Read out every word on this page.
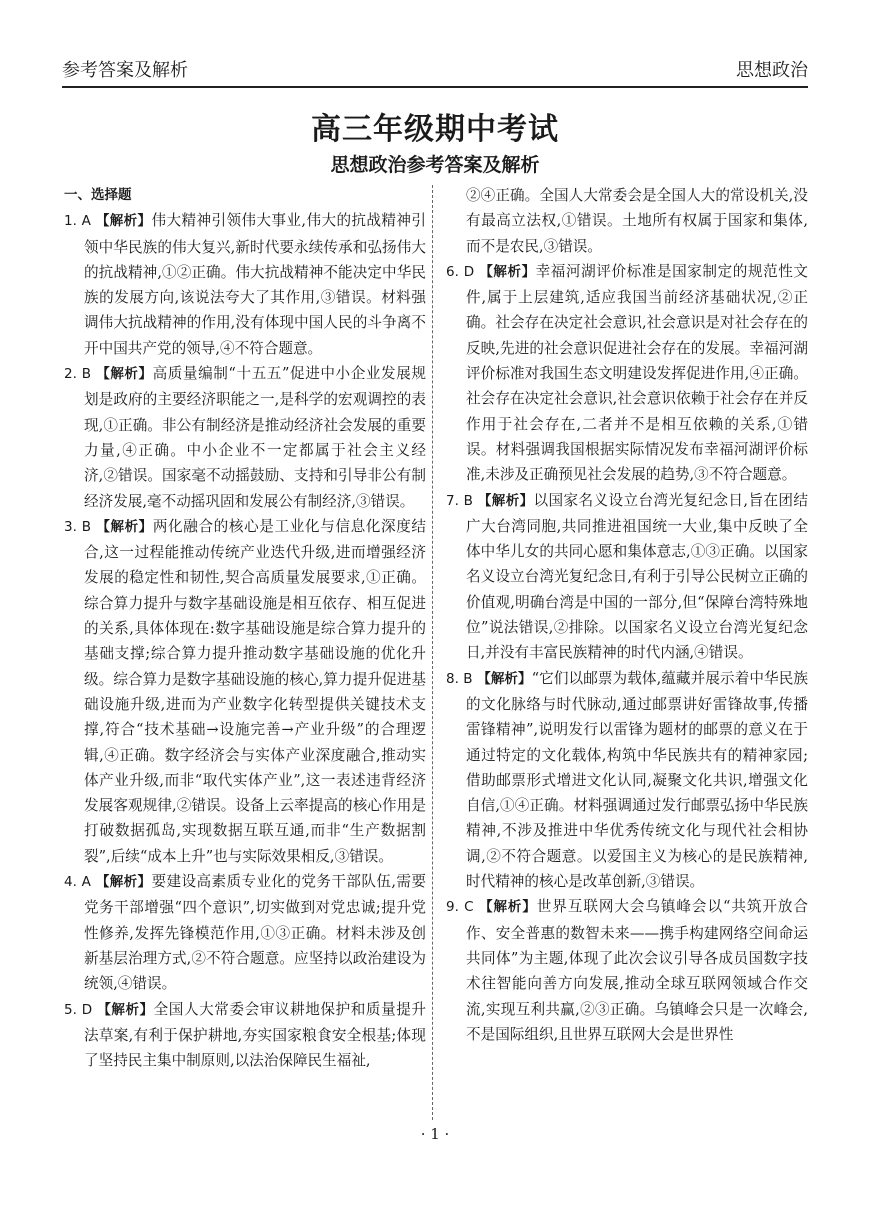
参考答案及解析	思想政治
高三年级期中考试
思想政治参考答案及解析
一、选择题

1. A 【解析】伟大精神引领伟大事业,伟大的抗战精神引领中华民族的伟大复兴,新时代要永续传承和弘扬伟大的抗战精神,①②正确。伟大抗战精神不能决定中华民族的发展方向,该说法夸大了其作用,③错误。材料强调伟大抗战精神的作用,没有体现中国人民的斗争离不开中国共产党的领导,④不符合题意。

2. B 【解析】高质量编制“十五五”促进中小企业发展规划是政府的主要经济职能之一,是科学的宏观调控的表现,①正确。非公有制经济是推动经济社会发展的重要力量,④正确。中小企业不一定都属于社会主义经济,②错误。国家毫不动摇鼓励、支持和引导非公有制经济发展,毫不动摇巩固和发展公有制经济,③错误。

3. B 【解析】两化融合的核心是工业化与信息化深度结合,这一过程能推动传统产业迭代升级,进而增强经济发展的稳定性和韧性,契合高质量发展要求,①正确。综合算力提升与数字基础设施是相互依存、相互促进的关系,具体体现在:数字基础设施是综合算力提升的基础支撑;综合算力提升推动数字基础设施的优化升级。综合算力是数字基础设施的核心,算力提升促进基础设施升级,进而为产业数字化转型提供关键技术支撑,符合“技术基础→设施完善→产业升级”的合理逻辑,④正确。数字经济会与实体产业深度融合,推动实体产业升级,而非“取代实体产业”,这一表述违背经济发展客观规律,②错误。设备上云率提高的核心作用是打破数据孤岛,实现数据互联互通,而非“生产数据割裂”,后续“成本上升”也与实际效果相反,③错误。

4. A 【解析】要建设高素质专业化的党务干部队伍,需要党务干部增强“四个意识”,切实做到对党忠诚;提升党性修养,发挥先锋模范作用,①③正确。材料未涉及创新基层治理方式,②不符合题意。应坚持以政治建设为统领,④错误。

5. D 【解析】全国人大常委会审议耕地保护和质量提升法草案,有利于保护耕地,夯实国家粮食安全根基;体现了坚持民主集中制原则,以法治保障民生福祉,

②④正确。全国人大常委会是全国人大的常设机关,没有最高立法权,①错误。土地所有权属于国家和集体,而不是农民,③错误。

6. D 【解析】幸福河湖评价标准是国家制定的规范性文件,属于上层建筑,适应我国当前经济基础状况,②正确。社会存在决定社会意识,社会意识是对社会存在的反映,先进的社会意识促进社会存在的发展。幸福河湖评价标准对我国生态文明建设发挥促进作用,④正确。社会存在决定社会意识,社会意识依赖于社会存在并反作用于社会存在,二者并不是相互依赖的关系,①错误。材料强调我国根据实际情况发布幸福河湖评价标准,未涉及正确预见社会发展的趋势,③不符合题意。

7. B 【解析】以国家名义设立台湾光复纪念日,旨在团结广大台湾同胞,共同推进祖国统一大业,集中反映了全体中华儿女的共同心愿和集体意志,①③正确。以国家名义设立台湾光复纪念日,有利于引导公民树立正确的价值观,明确台湾是中国的一部分,但“保障台湾特殊地位”说法错误,②排除。以国家名义设立台湾光复纪念日,并没有丰富民族精神的时代内涵,④错误。

8. B 【解析】“它们以邮票为载体,蕴藏并展示着中华民族的文化脉络与时代脉动,通过邮票讲好雷锋故事,传播雷锋精神”,说明发行以雷锋为题材的邮票的意义在于通过特定的文化载体,构筑中华民族共有的精神家园;借助邮票形式增进文化认同,凝聚文化共识,增强文化自信,①④正确。材料强调通过发行邮票弘扬中华民族精神,不涉及推进中华优秀传统文化与现代社会相协调,②不符合题意。以爱国主义为核心的是民族精神,时代精神的核心是改革创新,③错误。

9. C 【解析】世界互联网大会乌镇峰会以“共筑开放合作、安全普惠的数智未来——携手构建网络空间命运共同体”为主题,体现了此次会议引导各成员国数字技术往智能向善方向发展,推动全球互联网领域合作交流,实现互利共赢,②③正确。乌镇峰会只是一次峰会,不是国际组织,且世界互联网大会是世界性

· 1 ·
